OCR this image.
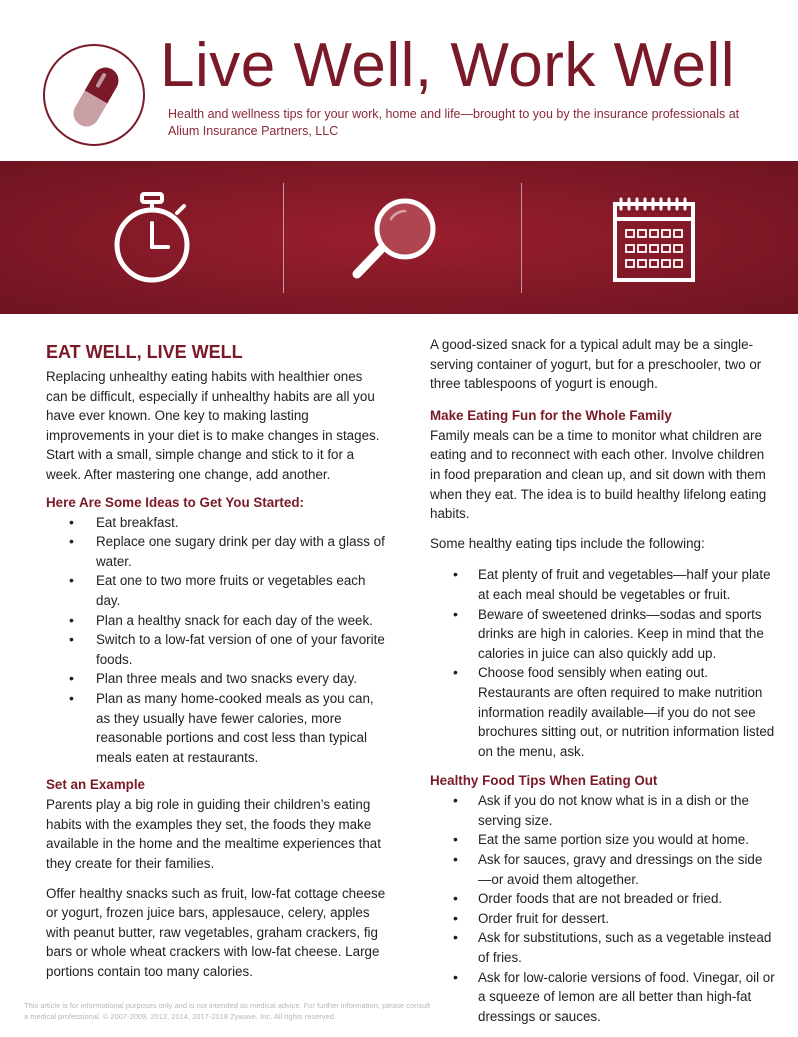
Live Well, Work Well
Health and wellness tips for your work, home and life—brought to you by the insurance professionals at Alium Insurance Partners, LLC
EAT WELL, LIVE WELL

Replacing unhealthy eating habits with healthier ones can be difficult, especially if unhealthy habits are all you have ever known. One key to making lasting improvements in your diet is to make changes in stages. Start with a small, simple change and stick to it for a week. After mastering one change, add another.

Here Are Some Ideas to Get You Started:
• Eat breakfast.
• Replace one sugary drink per day with a glass of water.
• Eat one to two more fruits or vegetables each day.
• Plan a healthy snack for each day of the week.
• Switch to a low-fat version of one of your favorite foods.
• Plan three meals and two snacks every day.
• Plan as many home-cooked meals as you can, as they usually have fewer calories, more reasonable portions and cost less than typical meals eaten at restaurants.
Set an Example

Parents play a big role in guiding their children’s eating habits with the examples they set, the foods they make available in the home and the mealtime experiences that they create for their families.

Offer healthy snacks such as fruit, low-fat cottage cheese or yogurt, frozen juice bars, applesauce, celery, apples with peanut butter, raw vegetables, graham crackers, fig bars or whole wheat crackers with low-fat cheese. Large portions contain too many calories.

A good-sized snack for a typical adult may be a single-serving container of yogurt, but for a preschooler, two or three tablespoons of yogurt is enough.

Make Eating Fun for the Whole Family

Family meals can be a time to monitor what children are eating and to reconnect with each other. Involve children in food preparation and clean up, and sit down with them when they eat. The idea is to build healthy lifelong eating habits.

Some healthy eating tips include the following:

• Eat plenty of fruit and vegetables—half your plate at each meal should be vegetables or fruit.
• Beware of sweetened drinks—sodas and sports drinks are high in calories. Keep in mind that the calories in juice can also quickly add up.
• Choose food sensibly when eating out. Restaurants are often required to make nutrition information readily available—if you do not see brochures sitting out, or nutrition information listed on the menu, ask.
Healthy Food Tips When Eating Out
• Ask if you do not know what is in a dish or the serving size.
• Eat the same portion size you would at home.
• Ask for sauces, gravy and dressings on the side—or avoid them altogether.
• Order foods that are not breaded or fried.
• Order fruit for dessert.
• Ask for substitutions, such as a vegetable instead of fries.
• Ask for low-calorie versions of food. Vinegar, oil or a squeeze of lemon are all better than high-fat dressings or sauces.
This article is for informational purposes only and is not intended as medical advice. For further information, please consult a medical professional. © 2007-2009, 2012, 2014, 2017-2018 Zywave, Inc. All rights reserved.
